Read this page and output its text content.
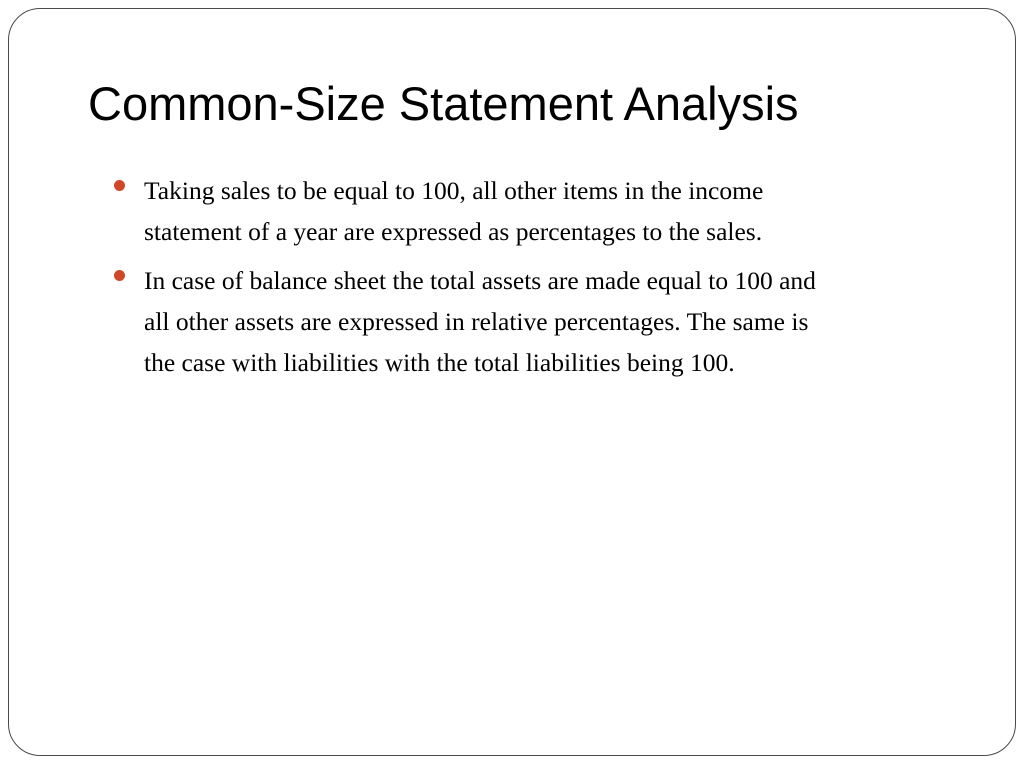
Common-Size Statement Analysis
Taking sales to be equal to 100, all other items in the income
statement of a year are expressed as percentages to the sales.
In case of balance sheet the total assets are made equal to 100 and
all other assets are expressed in relative percentages. The same is
the case with liabilities with the total liabilities being 100.
